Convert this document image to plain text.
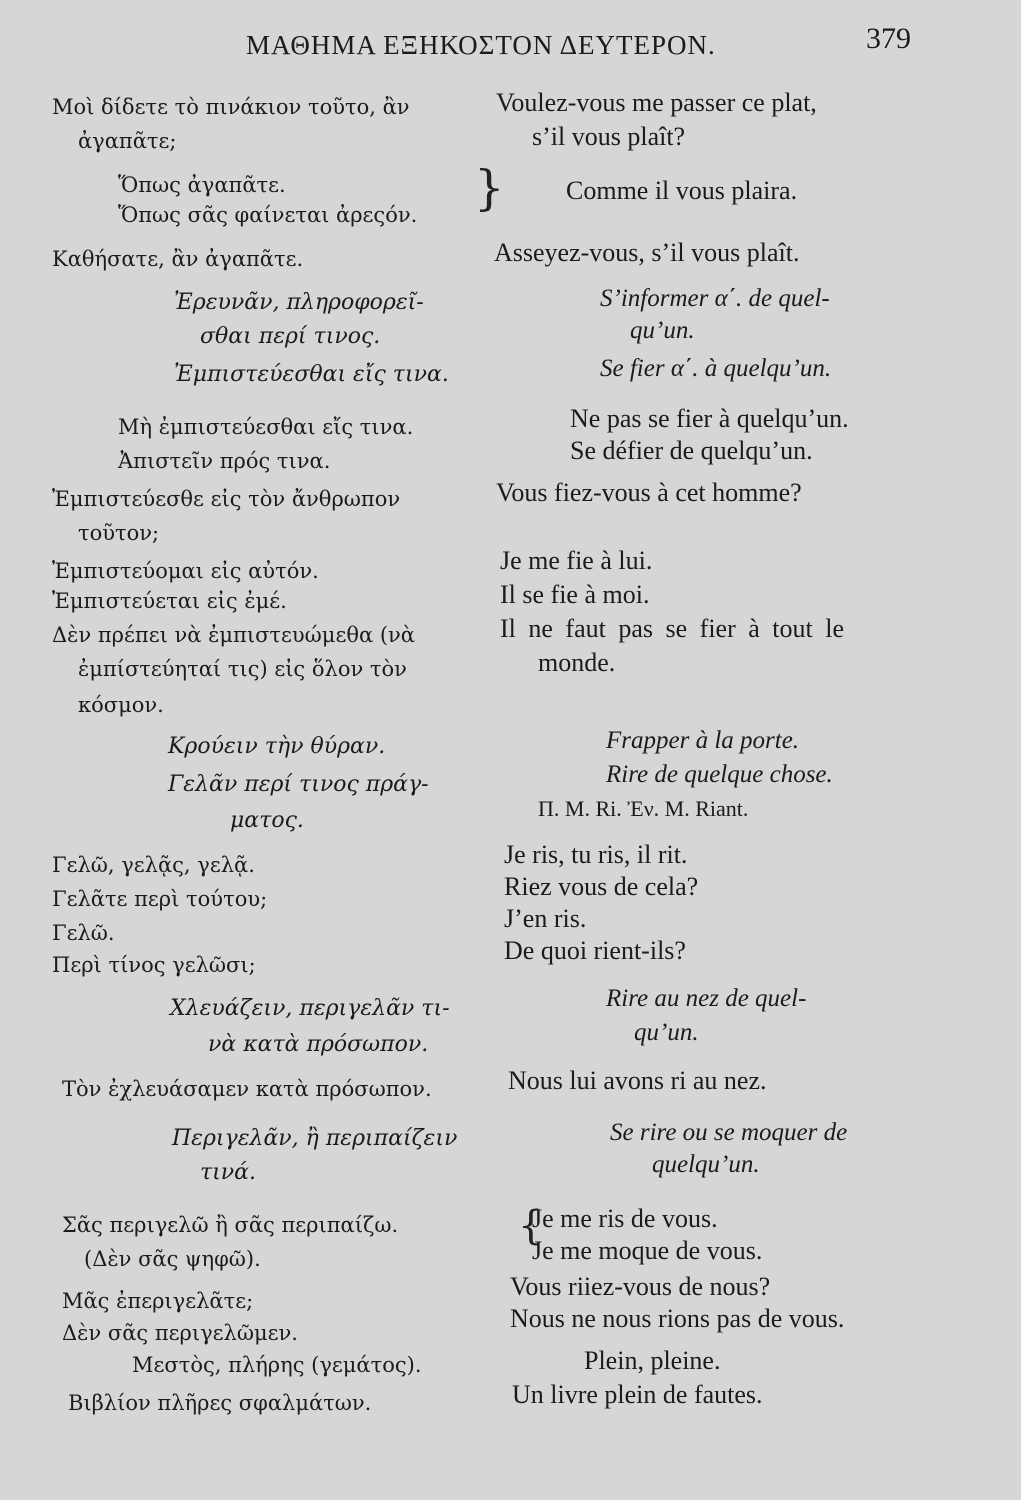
ΜΑΘΗΜΑ ΕΞΗΚΟΣΤΟΝ ΔΕΥΤΕΡΟΝ.	379
Μοὶ δίδετε τὸ πινάκιον τοῦτο, ἂν
ἀγαπᾶτε;
Ὅπως ἀγαπᾶτε.
Ὅπως σᾶς φαίνεται ἀρεςόν. }
Καθήσατε, ἂν ἀγαπᾶτε.
Ἐρευνᾶν, πληροφορεῖ-
σθαι περί τινος.
Ἐμπιστεύεσθαι εἴς τινα.
Μὴ ἐμπιστεύεσθαι εἴς τινα.
Ἀπιστεῖν πρός τινα.
Ἐμπιστεύεσθε εἰς τὸν ἄνθρωπον
τοῦτον;
Ἐμπιστεύομαι εἰς αὐτόν.
Ἐμπιστεύεται εἰς ἐμέ.
Δὲν πρέπει νὰ ἐμπιστευώμεθα (νὰ
ἐμπίστεύηταί τις) εἰς ὅλον τὸν
κόσμον.
Κρούειν τὴν θύραν.
Γελᾶν περί τινος πράγ-
ματος.
Γελῶ, γελᾷς, γελᾷ.
Γελᾶτε περὶ τούτου;
Γελῶ.
Περὶ τίνος γελῶσι;
Χλευάζειν, περιγελᾶν τι-
νὰ κατὰ πρόσωπον.
Τὸν ἐχλευάσαμεν κατὰ πρόσωπον.
Περιγελᾶν, ἢ περιπαίζειν
τινά.
Σᾶς περιγελῶ ἢ σᾶς περιπαίζω.
(Δὲν σᾶς ψηφῶ).
Μᾶς ἐπεριγελᾶτε;
Δὲν σᾶς περιγελῶμεν.
Μεστὸς, πλήρης (γεμάτος).
Βιβλίον πλῆρες σφαλμάτων.
Voulez-vous me passer ce plat,
s’il vous plaît?
Comme il vous plaira.
Asseyez-vous, s’il vous plaît.
S’informer α΄. de quel-
qu’un.
Se fier α΄. à quelqu’un.
Ne pas se fier à quelqu’un.
Se défier de quelqu’un.
Vous fiez-vous à cet homme?
Je me fie à lui.
Il se fie à moi.
Il ne faut pas se fier à tout le
monde.
Frapper à la porte.
Rire de quelque chose.
Π. Μ. Ri. Ἐν. Μ. Riant.
Je ris, tu ris, il rit.
Riez vous de cela?
J’en ris.
De quoi rient-ils?
Rire au nez de quel-
qu’un.
Nous lui avons ri au nez.
Se rire ou se moquer de
quelqu’un.
{
Je me ris de vous.
Je me moque de vous.
Vous riiez-vous de nous?
Nous ne nous rions pas de vous.
Plein, pleine.
Un livre plein de fautes.
